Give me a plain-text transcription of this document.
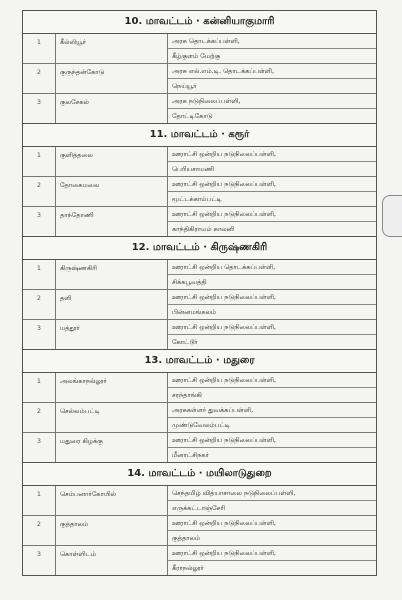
10. மாவட்டம் · கன்னியாகுமாரி
1	கீல்லியூர்	அரசு தொடக்கப்பள்ளி,
கீழ்குளம் மேற்கு
2	குருந்தன்கோடு	அரசு எல்.எம்.டி. தொடக்கப்பள்ளி,
நெய்யூர்
3	குலசேகல்	அரசு நடுநிலைப்பள்ளி,
தோட்டிகோடு
11. மாவட்டம் · கரூர்
1	குளித்தலை	ஊராட்சி ஒன்றிய நடுநிலைப்பள்ளி,
பெரியசாமணி
2	தோகைமலை	ஊராட்சி ஒன்றிய நடுநிலைப்பள்ளி,
மூட்டக்காம்பட்டி
3	தாந்தோணி	ஊராட்சி ஒன்றிய நடுநிலைப்பள்ளி,
காந்திகிராமம் காலனி
12. மாவட்டம் · கிருஷ்ணகிரி
1	கிருஷ்ணகிரி	ஊராட்சி ஒன்றிய தொடக்கப்பள்ளி,
சிக்கபூவத்தி
2	தளி	ஊராட்சி ஒன்றிய நடுநிலைப்பள்ளி,
பின்னமங்கலம்
3	மத்தூர்	ஊராட்சி ஒன்றிய நடுநிலைப்பள்ளி,
கோட்டூர்
13. மாவட்டம் · மதுரை
1	அலங்காநல்லூர்	ஊராட்சி ஒன்றிய நடுநிலைப்பள்ளி,
சரந்தாங்கி
2	செல்லம்பட்டி	அரசுகள்ளர் துவக்கப்பள்ளி,
முண்டுவேலம்பட்டி
3	மதுரை கிழக்கு	ஊராட்சி ஒன்றிய நடுநிலைப்பள்ளி,
மீனாட்சிநகர்
14. மாவட்டம் · மயிலாடுதுறை
1	செம்பனார்கோயில்	செந்தமிழ் வித்யாசாலை நடுநிலைப்பள்ளி,
எருக்கட்டாஞ்சேரி
2	குத்தாலம்	ஊராட்சி ஒன்றிய நடுநிலைப்பள்ளி,
குத்தாலம்
3	கொள்ளிடம்	ஊராட்சி ஒன்றிய நடுநிலைப்பள்ளி,
கீராநல்லூர்
